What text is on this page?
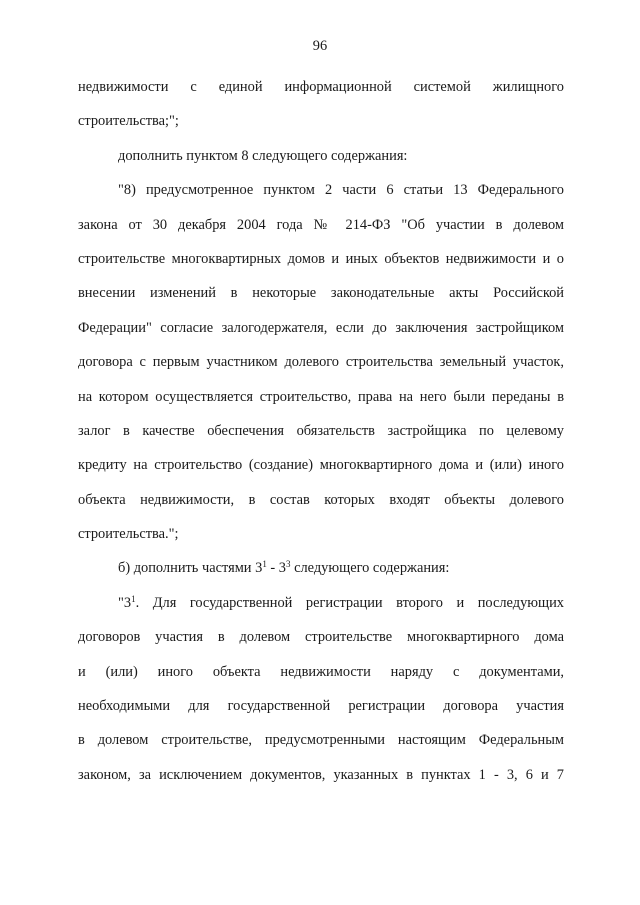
96
недвижимости с единой информационной системой жилищного
строительства;";
дополнить пунктом 8 следующего содержания:
"8) предусмотренное пунктом 2 части 6 статьи 13 Федерального
закона от 30 декабря 2004 года № 214-ФЗ "Об участии в долевом
строительстве многоквартирных домов и иных объектов недвижимости и о
внесении изменений в некоторые законодательные акты Российской
Федерации" согласие залогодержателя, если до заключения застройщиком
договора с первым участником долевого строительства земельный участок,
на котором осуществляется строительство, права на него были переданы в
залог в качестве обеспечения обязательств застройщика по целевому
кредиту на строительство (создание) многоквартирного дома и (или) иного
объекта недвижимости, в состав которых входят объекты долевого
строительства.";
б) дополнить частями $3^1 - 3^3$ следующего содержания:
"$3^1$. Для государственной регистрации второго и последующих
договоров участия в долевом строительстве многоквартирного дома
и (или) иного объекта недвижимости наряду с документами,
необходимыми для государственной регистрации договора участия
в долевом строительстве, предусмотренными настоящим Федеральным
законом, за исключением документов, указанных в пунктах 1 - 3, 6 и 7
